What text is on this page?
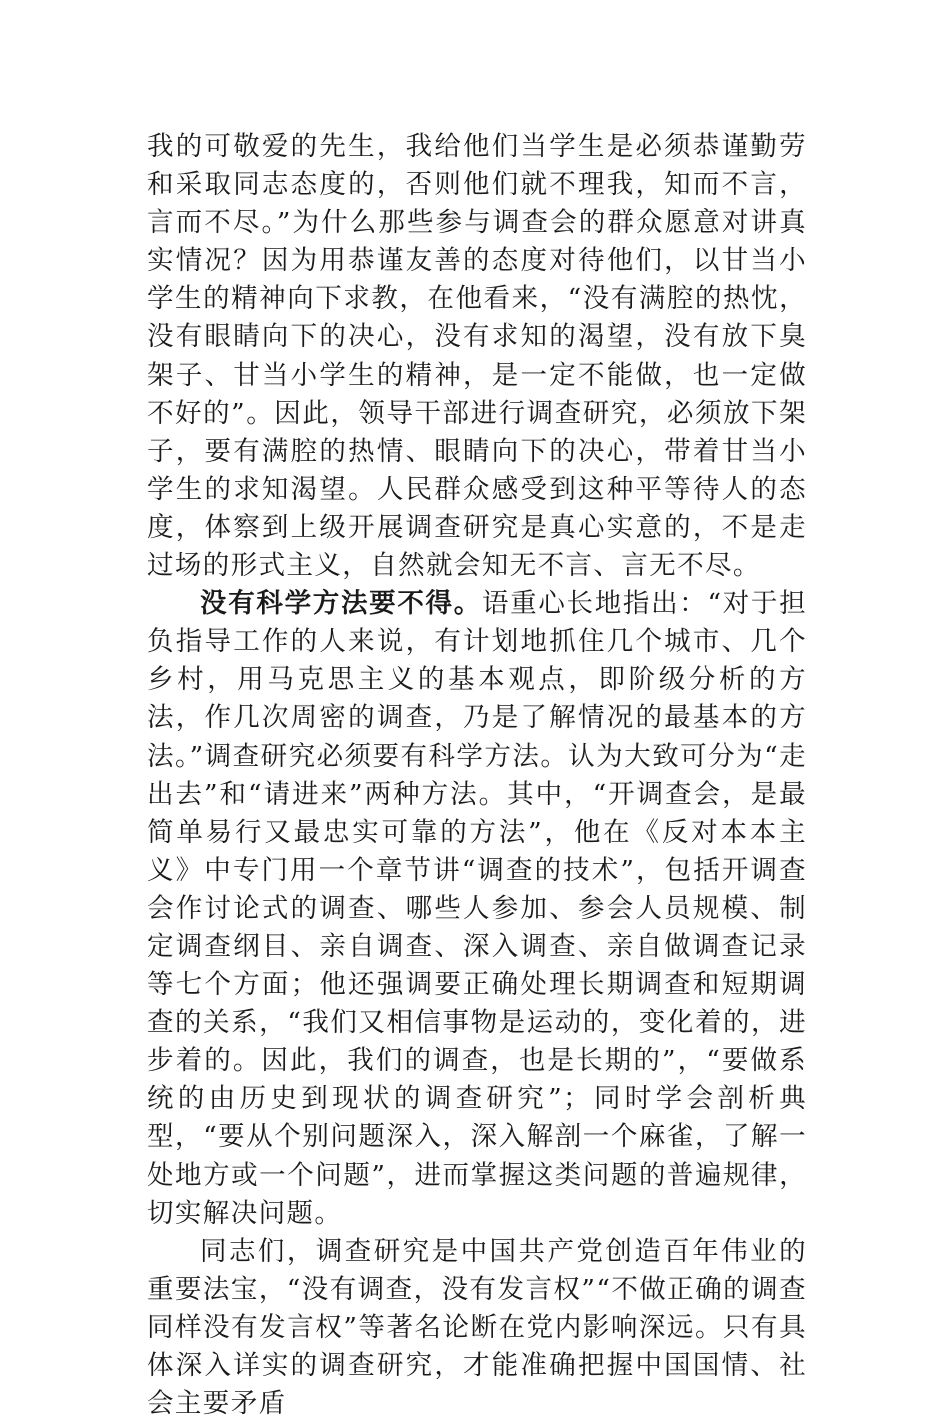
我的可敬爱的先生，我给他们当学生是必须恭谨勤劳和采取同志态度的，否则他们就不理我，知而不言，言而不尽。”为什么那些参与调查会的群众愿意对讲真实情况？因为用恭谨友善的态度对待他们，以甘当小学生的精神向下求教，在他看来，“没有满腔的热忱，没有眼睛向下的决心，没有求知的渴望，没有放下臭架子、甘当小学生的精神，是一定不能做，也一定做不好的”。因此，领导干部进行调查研究，必须放下架子，要有满腔的热情、眼睛向下的决心，带着甘当小学生的求知渴望。人民群众感受到这种平等待人的态度，体察到上级开展调查研究是真心实意的，不是走过场的形式主义，自然就会知无不言、言无不尽。

没有科学方法要不得。语重心长地指出：“对于担负指导工作的人来说，有计划地抓住几个城市、几个乡村，用马克思主义的基本观点，即阶级分析的方法，作几次周密的调查，乃是了解情况的最基本的方法。”调查研究必须要有科学方法。认为大致可分为“走出去”和“请进来”两种方法。其中，“开调查会，是最简单易行又最忠实可靠的方法”，他在《反对本本主义》中专门用一个章节讲“调查的技术”，包括开调查会作讨论式的调查、哪些人参加、参会人员规模、制定调查纲目、亲自调查、深入调查、亲自做调查记录等七个方面；他还强调要正确处理长期调查和短期调查的关系，“我们又相信事物是运动的，变化着的，进步着的。因此，我们的调查，也是长期的”，“要做系统的由历史到现状的调查研究”；同时学会剖析典型，“要从个别问题深入，深入解剖一个麻雀，了解一处地方或一个问题”，进而掌握这类问题的普遍规律，切实解决问题。

同志们，调查研究是中国共产党创造百年伟业的重要法宝，“没有调查，没有发言权”“不做正确的调查同样没有发言权”等著名论断在党内影响深远。只有具体深入详实的调查研究，才能准确把握中国国情、社会主要矛盾
